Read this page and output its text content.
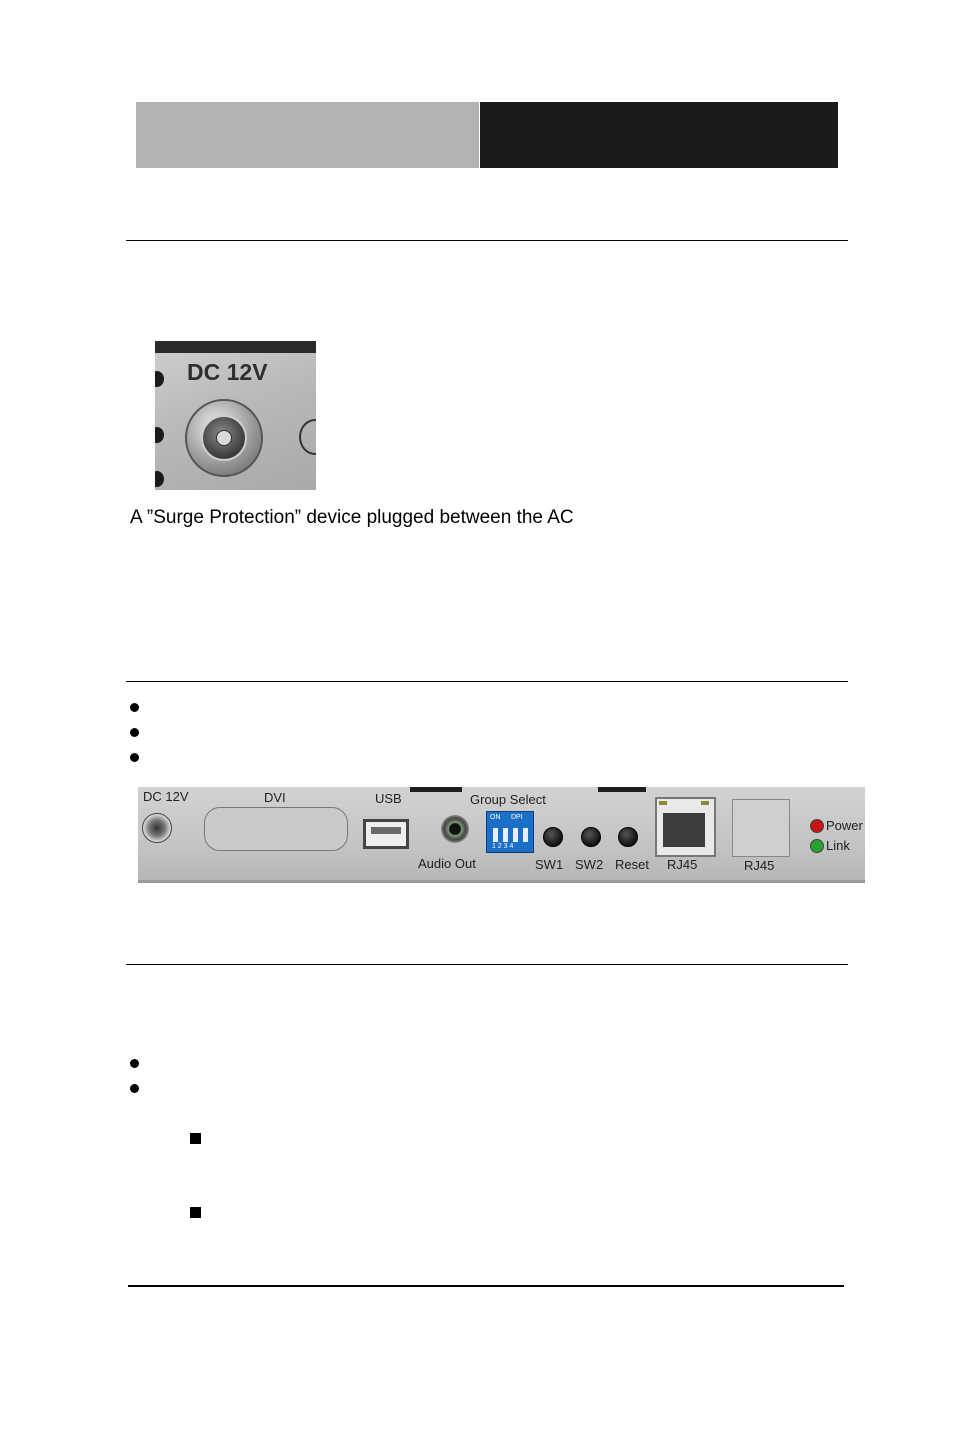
DC 12V
A ”Surge Protection” device plugged between the AC
DC 12V	DVI	USB	Group Select
Audio Out
ON DPI
1 2 3 4
SW1 SW2 Reset RJ45	RJ45
Power
Link
